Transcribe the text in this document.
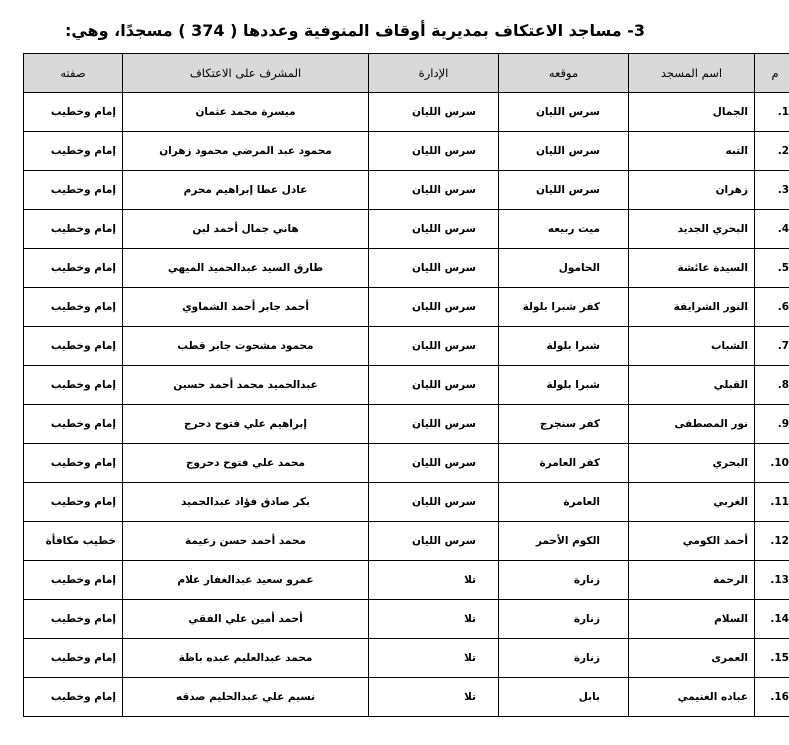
3- مساجد الاعتكاف بمديرية أوقاف المنوفية وعددها ( 374 ) مسجدًا، وهي:
م	اسم المسجد	موقعه	الإدارة	المشرف على الاعتكاف	صفته
1.	الجمال	سرس الليان	سرس الليان	ميسرة محمد عثمان	إمام وخطيب
2.	التبه	سرس الليان	سرس الليان	محمود عبد المرضي محمود زهران	إمام وخطيب
3.	زهران	سرس الليان	سرس الليان	عادل عطا إبراهيم محرم	إمام وخطيب
4.	البحري الجديد	ميت ربيعه	سرس الليان	هاني جمال أحمد لبن	إمام وخطيب
5.	السيدة عائشة	الحامول	سرس الليان	طارق السيد عبدالحميد الميهي	إمام وخطيب
6.	النور الشرايفة	كفر شبرا بلولة	سرس الليان	أحمد جابر أحمد الشماوي	إمام وخطيب
7.	الشباب	شبرا بلولة	سرس الليان	محمود مشحوت جابر قطب	إمام وخطيب
8.	القبلي	شبرا بلولة	سرس الليان	عبدالحميد محمد أحمد حسين	إمام وخطيب
9.	نور المصطفى	كفر سنجرج	سرس الليان	إبراهيم علي فتوح دحرج	إمام وخطيب
10.	البحري	كفر العامرة	سرس الليان	محمد علي فتوح دحروج	إمام وخطيب
11.	الغربي	العامرة	سرس الليان	بكر صادق فؤاد عبدالحميد	إمام وخطيب
12.	أحمد الكومي	الكوم الأحمر	سرس الليان	محمد أحمد حسن زعيمة	خطيب مكافأة
13.	الرحمة	زنارة	تلا	عمرو سعيد عبدالغفار علام	إمام وخطيب
14.	السلام	زنارة	تلا	أحمد أمين علي الفقي	إمام وخطيب
15.	العمرى	زنارة	تلا	محمد عبدالعليم عبده باظة	إمام وخطيب
16.	عباده الغنيمي	بابل	تلا	نسيم علي عبدالحليم صدقه	إمام وخطيب
